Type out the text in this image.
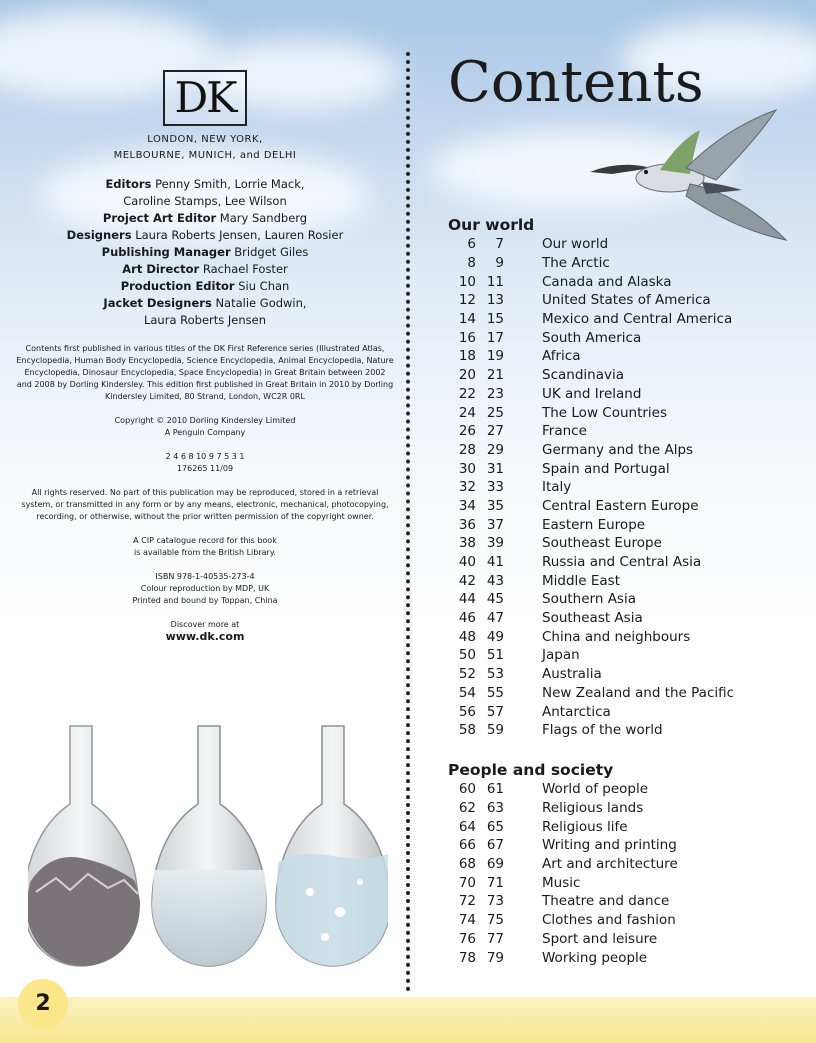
2
DK
LONDON, NEW YORK,
MELBOURNE, MUNICH, and DELHI
Editors Penny Smith, Lorrie Mack,
Caroline Stamps, Lee Wilson
Project Art Editor Mary Sandberg
Designers Laura Roberts Jensen, Lauren Rosier
Publishing Manager Bridget Giles
Art Director Rachael Foster
Production Editor Siu Chan
Jacket Designers Natalie Godwin,
Laura Roberts Jensen

Contents first published in various titles of the DK First Reference series (Illustrated Atlas, Encyclopedia, Human Body Encyclopedia, Science Encyclopedia, Animal Encyclopedia, Nature Encyclopedia, Dinosaur Encyclopedia, Space Encyclopedia) in Great Britain between 2002 and 2008 by Dorling Kindersley. This edition first published in Great Britain in 2010 by Dorling Kindersley Limited, 80 Strand, London, WC2R 0RL

Copyright © 2010 Dorling Kindersley Limited
A Penguin Company

2 4 6 8 10 9 7 5 3 1
176265 11/09

All rights reserved. No part of this publication may be reproduced, stored in a retrieval system, or transmitted in any form or by any means, electronic, mechanical, photocopying, recording, or otherwise, without the prior written permission of the copyright owner.

A CIP catalogue record for this book
is available from the British Library.

ISBN 978-1-40535-273-4
Colour reproduction by MDP, UK
Printed and bound by Toppan, China

Discover more at
www.dk.com

Contents
Our world
6	7	Our world
8	9	The Arctic
10 11	Canada and Alaska
12 13	United States of America
14 15	Mexico and Central America
16 17	South America
18 19	Africa
20 21	Scandinavia
22 23	UK and Ireland
24 25	The Low Countries
26 27	France
28 29	Germany and the Alps
30 31	Spain and Portugal
32 33	Italy
34 35	Central Eastern Europe
36 37	Eastern Europe
38 39	Southeast Europe
40 41	Russia and Central Asia
42 43	Middle East
44 45	Southern Asia
46 47	Southeast Asia
48 49	China and neighbours
50 51	Japan
52 53	Australia
54 55	New Zealand and the Pacific
56 57	Antarctica
58 59	Flags of the world
People and society
60 61	World of people
62 63	Religious lands
64 65	Religious life
66 67	Writing and printing
68 69	Art and architecture
70 71	Music
72 73	Theatre and dance
74 75	Clothes and fashion
76 77	Sport and leisure
78 79	Working people
